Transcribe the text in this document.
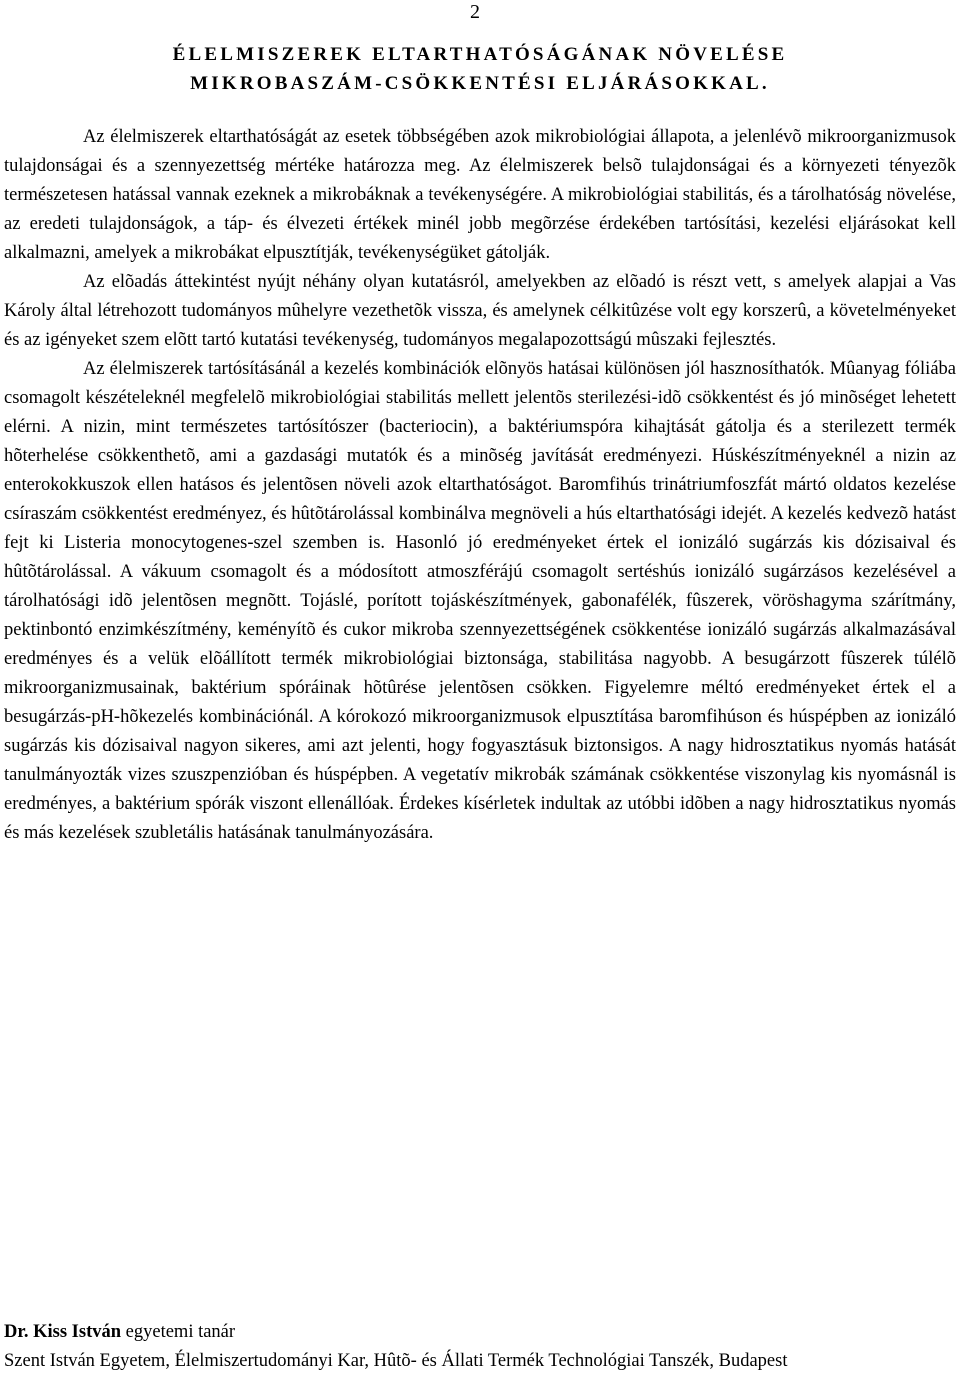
2
ÉLELMISZEREK ELTARTHATÓSÁGÁNAK NÖVELÉSE
MIKROBASZÁM-CSÖKKENTÉSI ELJÁRÁSOKKAL.

Az élelmiszerek eltarthatóságát az esetek többségében azok mikrobiológiai állapota, a jelenlévõ mikroorganizmusok tulajdonságai és a szennyezettség mértéke határozza meg. Az élelmiszerek belsõ tulajdonságai és a környezeti tényezõk természetesen hatással vannak ezeknek a mikrobáknak a tevékenységére. A mikrobiológiai stabilitás, és a tárolhatóság növelése, az eredeti tulajdonságok, a táp- és élvezeti értékek minél jobb megõrzése érdekében tartósítási, kezelési eljárásokat kell alkalmazni, amelyek a mikrobákat elpusztítják, tevékenységüket gátolják.

Az elõadás áttekintést nyújt néhány olyan kutatásról, amelyekben az elõadó is részt vett, s amelyek alapjai a Vas Károly által létrehozott tudományos mûhelyre vezethetõk vissza, és amelynek célkitûzése volt egy korszerû, a követelményeket és az igényeket szem elõtt tartó kutatási tevékenység, tudományos megalapozottságú mûszaki fejlesztés.

Az élelmiszerek tartósításánál a kezelés kombinációk elõnyös hatásai különösen jól hasznosíthatók. Mûanyag fóliába csomagolt készételeknél megfelelõ mikrobiológiai stabilitás mellett jelentõs sterilezési-idõ csökkentést és jó minõséget lehetett elérni. A nizin, mint természetes tartósítószer (bacteriocin), a baktériumspóra kihajtását gátolja és a sterilezett termék hõterhelése csökkenthetõ, ami a gazdasági mutatók és a minõség javítását eredményezi. Húskészítményeknél a nizin az enterokokkuszok ellen hatásos és jelentõsen növeli azok eltarthatóságot. Baromfihús trinátriumfoszfát mártó oldatos kezelése csíraszám csökkentést eredményez, és hûtõtárolással kombinálva megnöveli a hús eltarthatósági idejét. A kezelés kedvezõ hatást fejt ki Listeria monocytogenes-szel szemben is. Hasonló jó eredményeket értek el ionizáló sugárzás kis dózisaival és hûtõtárolással. A vákuum csomagolt és a módosított atmoszférájú csomagolt sertéshús ionizáló sugárzásos kezelésével a tárolhatósági idõ jelentõsen megnõtt. Tojáslé, porított tojáskészítmények, gabonafélék, fûszerek, vöröshagyma szárítmány, pektinbontó enzimkészítmény, keményítõ és cukor mikroba szennyezettségének csökkentése ionizáló sugárzás alkalmazásával eredményes és a velük elõállított termék mikrobiológiai biztonsága, stabilitása nagyobb. A besugárzott fûszerek túlélõ mikroorganizmusainak, baktérium spóráinak hõtûrése jelentõsen csökken. Figyelemre méltó eredményeket értek el a besugárzás-pH-hõkezelés kombinációnál. A kórokozó mikroorganizmusok elpusztítása baromfihúson és húspépben az ionizáló sugárzás kis dózisaival nagyon sikeres, ami azt jelenti, hogy fogyasztásuk biztonsigos. A nagy hidrosztatikus nyomás hatását tanulmányozták vizes szuszpenzióban és húspépben. A vegetatív mikrobák számának csökkentése viszonylag kis nyomásnál is eredményes, a baktérium spórák viszont ellenállóak. Érdekes kísérletek indultak az utóbbi idõben a nagy hidrosztatikus nyomás és más kezelések szubletális hatásának tanulmányozására.

Dr. Kiss István egyetemi tanár
Szent István Egyetem, Élelmiszertudományi Kar, Hûtõ- és Állati Termék Technológiai Tanszék, Budapest
